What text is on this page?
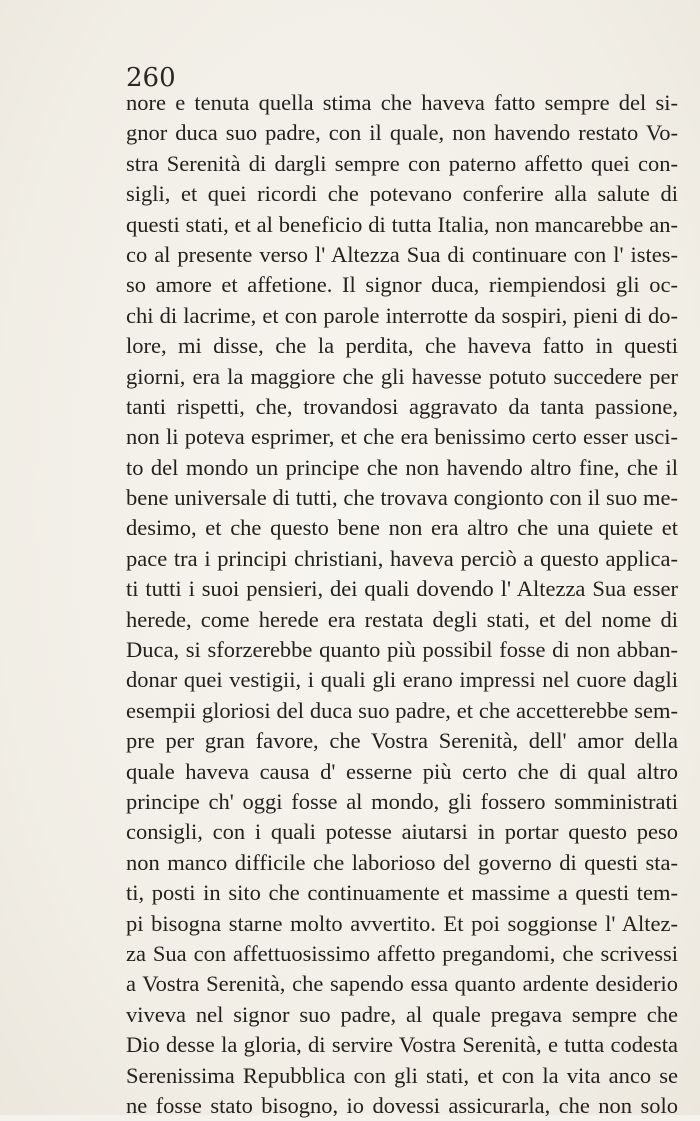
260
nore e tenuta quella stima che haveva fatto sempre del si-
gnor duca suo padre, con il quale, non havendo restato Vo-
stra Serenità di dargli sempre con paterno affetto quei con-
sigli, et quei ricordi che potevano conferire alla salute di
questi stati, et al beneficio di tutta Italia, non mancarebbe an-
co al presente verso l' Altezza Sua di continuare con l' istes-
so amore et affetione. Il signor duca, riempiendosi gli oc-
chi di lacrime, et con parole interrotte da sospiri, pieni di do-
lore, mi disse, che la perdita, che haveva fatto in questi
giorni, era la maggiore che gli havesse potuto succedere per
tanti rispetti, che, trovandosi aggravato da tanta passione,
non li poteva esprimer, et che era benissimo certo esser usci-
to del mondo un principe che non havendo altro fine, che il
bene universale di tutti, che trovava congionto con il suo me-
desimo, et che questo bene non era altro che una quiete et
pace tra i principi christiani, haveva perciò a questo applica-
ti tutti i suoi pensieri, dei quali dovendo l' Altezza Sua esser
herede, come herede era restata degli stati, et del nome di
Duca, si sforzerebbe quanto più possibil fosse di non abban-
donar quei vestigii, i quali gli erano impressi nel cuore dagli
esempii gloriosi del duca suo padre, et che accetterebbe sem-
pre per gran favore, che Vostra Serenità, dell' amor della
quale haveva causa d' esserne più certo che di qual altro
principe ch' oggi fosse al mondo, gli fossero somministrati
consigli, con i quali potesse aiutarsi in portar questo peso
non manco difficile che laborioso del governo di questi sta-
ti, posti in sito che continuamente et massime a questi tem-
pi bisogna starne molto avvertito. Et poi soggionse l' Altez-
za Sua con affettuosissimo affetto pregandomi, che scrivessi
a Vostra Serenità, che sapendo essa quanto ardente desiderio
viveva nel signor suo padre, al quale pregava sempre che
Dio desse la gloria, di servire Vostra Serenità, e tutta codesta
Serenissima Repubblica con gli stati, et con la vita anco se
ne fosse stato bisogno, io dovessi assicurarla, che non solo
